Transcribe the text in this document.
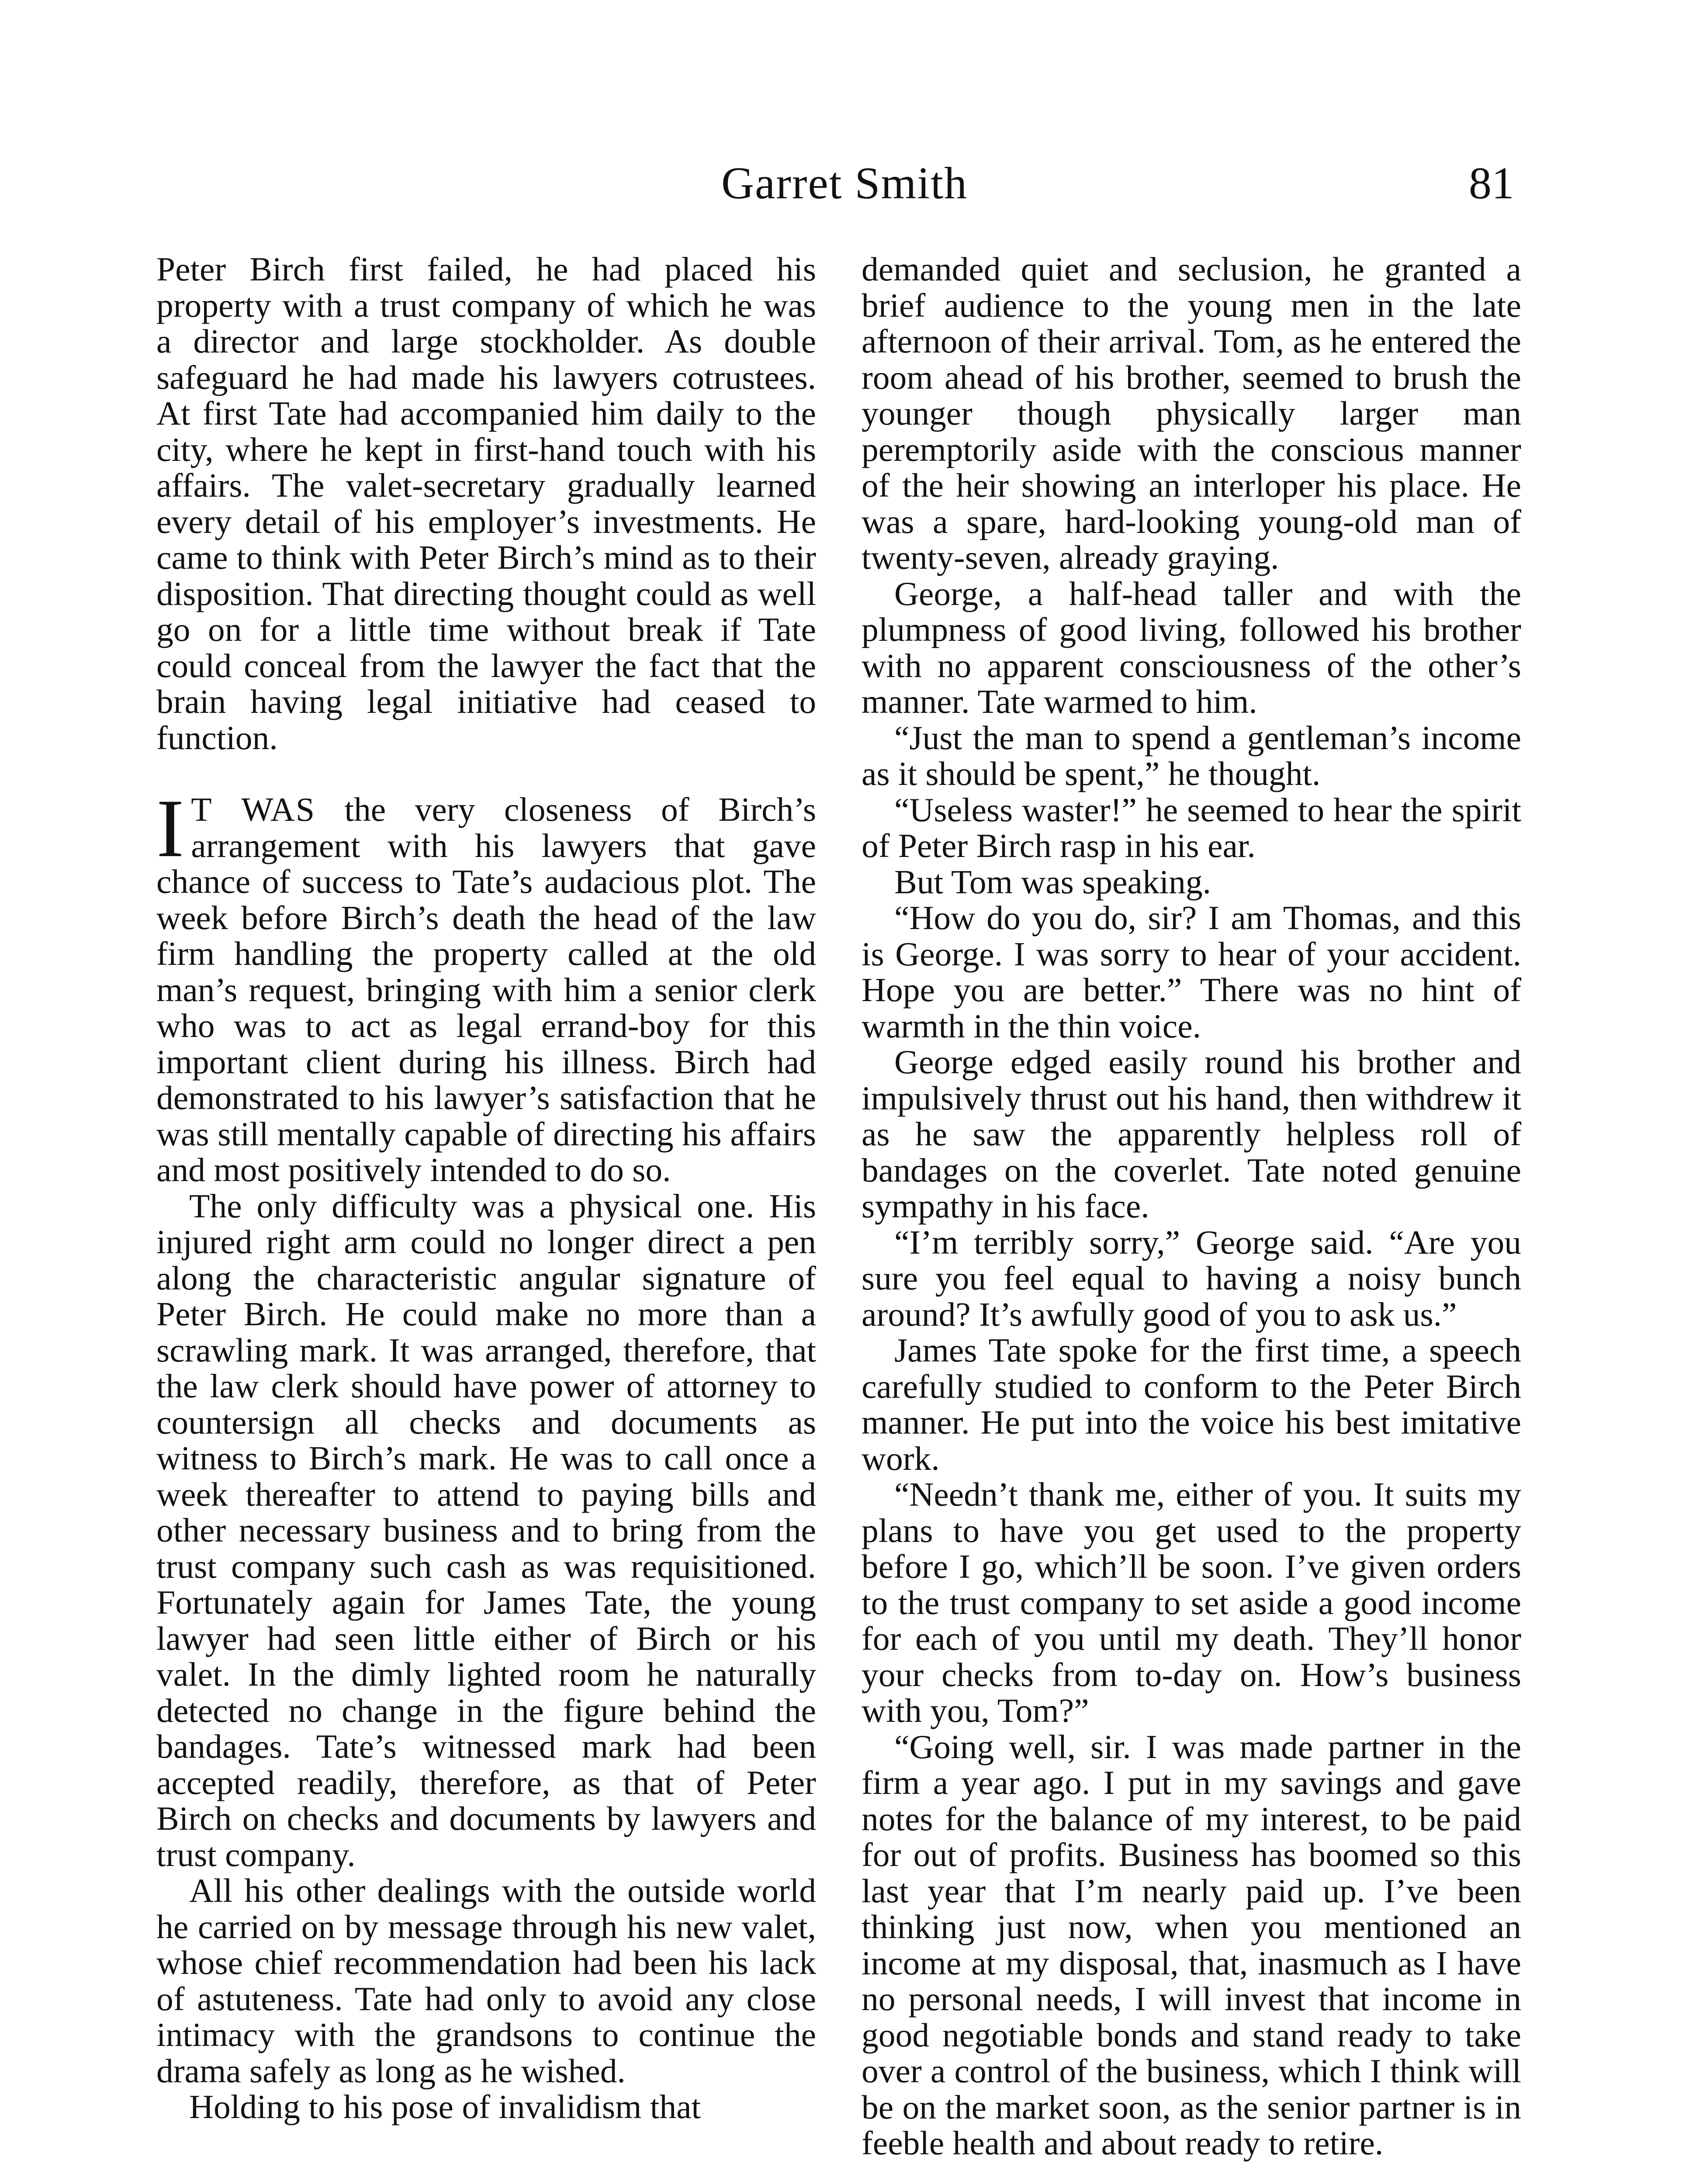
Garret Smith	81

Peter Birch first failed, he had placed his property with a trust company of which he was a director and large stockholder. As double safeguard he had made his lawyers cotrustees. At first Tate had accompanied him daily to the city, where he kept in first-hand touch with his affairs. The valet-secretary gradually learned every detail of his employer’s investments. He came to think with Peter Birch’s mind as to their disposition. That directing thought could as well go on for a little time without break if Tate could conceal from the lawyer the fact that the brain having legal initiative had ceased to function.

I T WAS the very closeness of Birch’s arrangement with his lawyers that gave chance of success to Tate’s audacious plot. The week before Birch’s death the head of the law firm handling the property called at the old man’s request, bringing with him a senior clerk who was to act as legal errand-boy for this important client during his illness. Birch had demonstrated to his lawyer’s satisfaction that he was still mentally capable of directing his affairs and most positively intended to do so.

The only difficulty was a physical one. His injured right arm could no longer direct a pen along the characteristic angular signature of Peter Birch. He could make no more than a scrawling mark. It was arranged, therefore, that the law clerk should have power of attorney to countersign all checks and documents as witness to Birch’s mark. He was to call once a week thereafter to attend to paying bills and other necessary business and to bring from the trust company such cash as was requisitioned. Fortunately again for James Tate, the young lawyer had seen little either of Birch or his valet. In the dimly lighted room he naturally detected no change in the figure behind the bandages. Tate’s witnessed mark had been accepted readily, therefore, as that of Peter Birch on checks and documents by lawyers and trust company.

All his other dealings with the outside world he carried on by message through his new valet, whose chief recommendation had been his lack of astuteness. Tate had only to avoid any close intimacy with the grandsons to continue the drama safely as long as he wished.

Holding to his pose of invalidism that

demanded quiet and seclusion, he granted a brief audience to the young men in the late afternoon of their arrival. Tom, as he entered the room ahead of his brother, seemed to brush the younger though physically larger man peremptorily aside with the conscious manner of the heir showing an interloper his place. He was a spare, hard-looking young-old man of twenty-seven, already graying.

George, a half-head taller and with the plumpness of good living, followed his brother with no apparent consciousness of the other’s manner. Tate warmed to him.

“Just the man to spend a gentleman’s income as it should be spent,” he thought.

“Useless waster!” he seemed to hear the spirit of Peter Birch rasp in his ear.

But Tom was speaking.

“How do you do, sir? I am Thomas, and this is George. I was sorry to hear of your accident. Hope you are better.” There was no hint of warmth in the thin voice.

George edged easily round his brother and impulsively thrust out his hand, then withdrew it as he saw the apparently helpless roll of bandages on the coverlet. Tate noted genuine sympathy in his face.

“I’m terribly sorry,” George said. “Are you sure you feel equal to having a noisy bunch around? It’s awfully good of you to ask us.”

James Tate spoke for the first time, a speech carefully studied to conform to the Peter Birch manner. He put into the voice his best imitative work.

“Needn’t thank me, either of you. It suits my plans to have you get used to the property before I go, which’ll be soon. I’ve given orders to the trust company to set aside a good income for each of you until my death. They’ll honor your checks from to-day on. How’s business with you, Tom?”

“Going well, sir. I was made partner in the firm a year ago. I put in my savings and gave notes for the balance of my interest, to be paid for out of profits. Business has boomed so this last year that I’m nearly paid up. I’ve been thinking just now, when you mentioned an income at my disposal, that, inasmuch as I have no personal needs, I will invest that income in good negotiable bonds and stand ready to take over a control of the business, which I think will be on the market soon, as the senior partner is in feeble health and about ready to retire.
